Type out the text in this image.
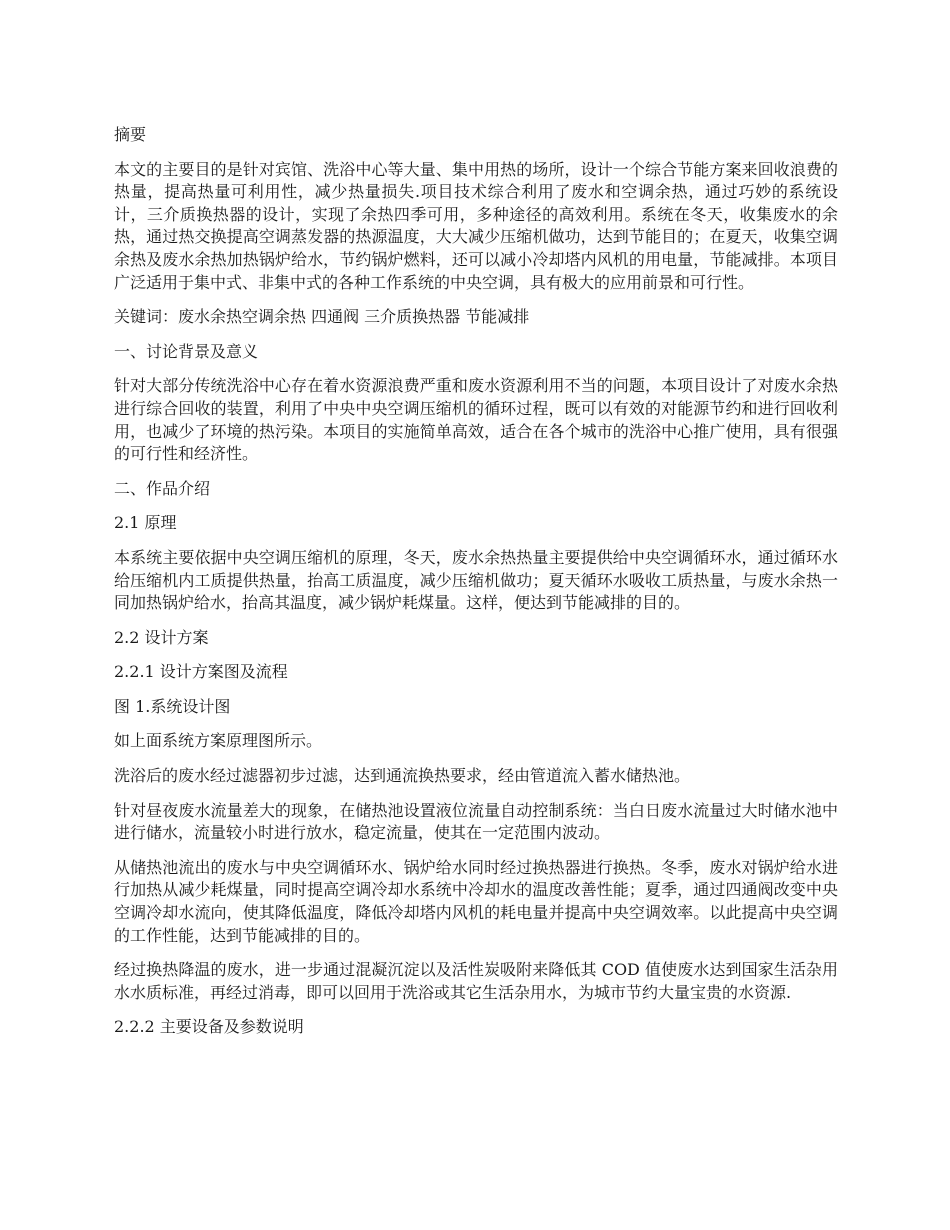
摘要

本文的主要目的是针对宾馆、洗浴中心等大量、集中用热的场所，设计一个综合节能方案来回收浪费的热量，提高热量可利用性，减少热量损失.项目技术综合利用了废水和空调余热，通过巧妙的系统设计，三介质换热器的设计，实现了余热四季可用，多种途径的高效利用。系统在冬天，收集废水的余热，通过热交换提高空调蒸发器的热源温度，大大减少压缩机做功，达到节能目的；在夏天，收集空调余热及废水余热加热锅炉给水，节约锅炉燃料，还可以减小冷却塔内风机的用电量，节能减排。本项目广泛适用于集中式、非集中式的各种工作系统的中央空调，具有极大的应用前景和可行性。

关键词：废水余热空调余热 四通阀 三介质换热器 节能减排

一、讨论背景及意义

针对大部分传统洗浴中心存在着水资源浪费严重和废水资源利用不当的问题，本项目设计了对废水余热进行综合回收的装置，利用了中央中央空调压缩机的循环过程，既可以有效的对能源节约和进行回收利用，也减少了环境的热污染。本项目的实施简单高效，适合在各个城市的洗浴中心推广使用，具有很强的可行性和经济性。

二、作品介绍

2.1 原理

本系统主要依据中央空调压缩机的原理，冬天，废水余热热量主要提供给中央空调循环水，通过循环水给压缩机内工质提供热量，抬高工质温度，减少压缩机做功；夏天循环水吸收工质热量，与废水余热一同加热锅炉给水，抬高其温度，减少锅炉耗煤量。这样，便达到节能减排的目的。

2.2 设计方案

2.2.1 设计方案图及流程

图 1.系统设计图

如上面系统方案原理图所示。

洗浴后的废水经过滤器初步过滤，达到通流换热要求，经由管道流入蓄水储热池。

针对昼夜废水流量差大的现象，在储热池设置液位流量自动控制系统：当白日废水流量过大时储水池中进行储水，流量较小时进行放水，稳定流量，使其在一定范围内波动。

从储热池流出的废水与中央空调循环水、锅炉给水同时经过换热器进行换热。冬季，废水对锅炉给水进行加热从减少耗煤量，同时提高空调冷却水系统中冷却水的温度改善性能；夏季，通过四通阀改变中央空调冷却水流向，使其降低温度，降低冷却塔内风机的耗电量并提高中央空调效率。以此提高中央空调的工作性能，达到节能减排的目的。

经过换热降温的废水，进一步通过混凝沉淀以及活性炭吸附来降低其 COD 值使废水达到国家生活杂用水水质标准，再经过消毒，即可以回用于洗浴或其它生活杂用水，为城市节约大量宝贵的水资源.

2.2.2 主要设备及参数说明
